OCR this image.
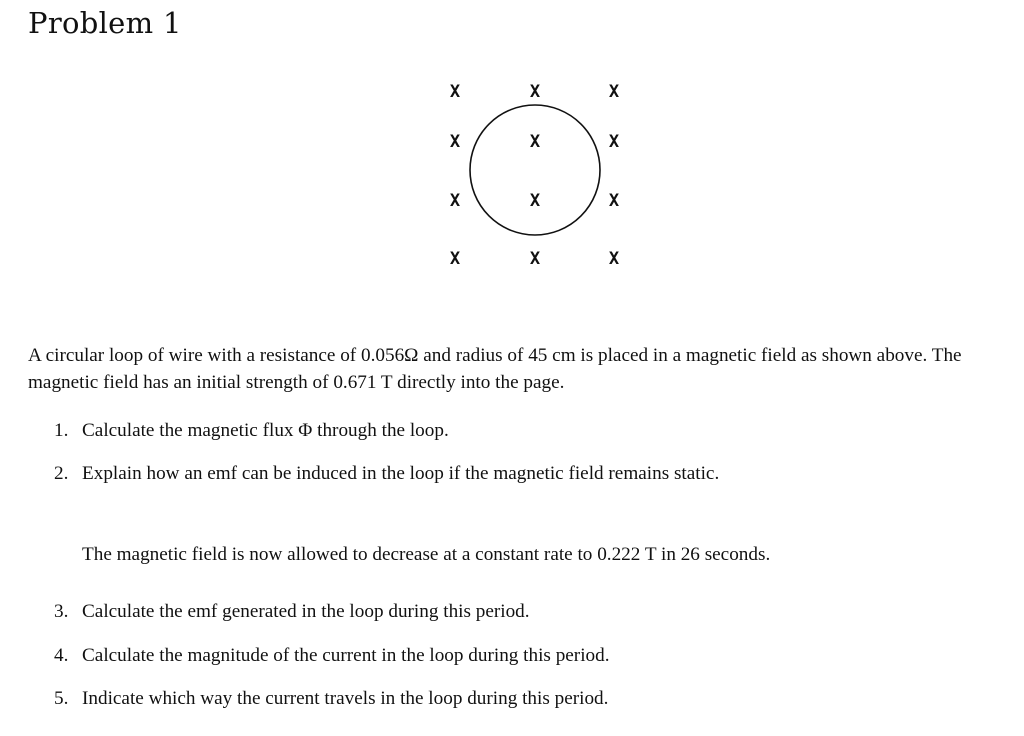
Problem 1
X	X	X
X	X	X
X	X	X
X	X	X

A circular loop of wire with a resistance of 0.056Ω and radius of 45 cm is placed in a magnetic field as shown above. The magnetic field has an initial strength of 0.671 T directly into the page.

1. Calculate the magnetic flux Φ through the loop.
2. Explain how an emf can be induced in the loop if the magnetic field remains static.
The magnetic field is now allowed to decrease at a constant rate to 0.222 T in 26 seconds.
3. Calculate the emf generated in the loop during this period.
4. Calculate the magnitude of the current in the loop during this period.
5. Indicate which way the current travels in the loop during this period.
